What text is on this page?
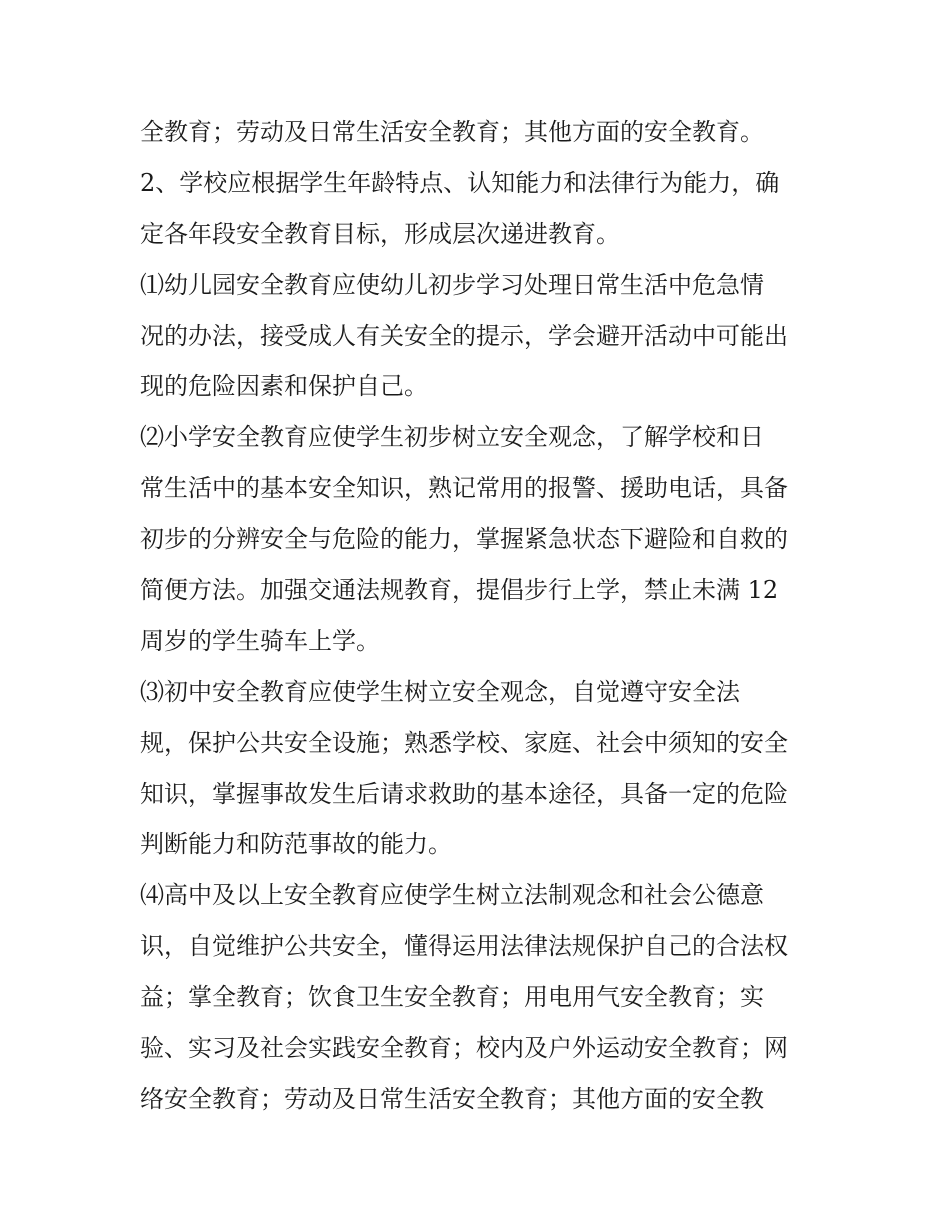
全教育；劳动及日常生活安全教育；其他方面的安全教育。
2、学校应根据学生年龄特点、认知能力和法律行为能力，确
定各年段安全教育目标，形成层次递进教育。
⑴幼儿园安全教育应使幼儿初步学习处理日常生活中危急情
况的办法，接受成人有关安全的提示，学会避开活动中可能出
现的危险因素和保护自己。
⑵小学安全教育应使学生初步树立安全观念，了解学校和日
常生活中的基本安全知识，熟记常用的报警、援助电话，具备
初步的分辨安全与危险的能力，掌握紧急状态下避险和自救的
简便方法。加强交通法规教育，提倡步行上学，禁止未满 12
周岁的学生骑车上学。
⑶初中安全教育应使学生树立安全观念，自觉遵守安全法
规，保护公共安全设施；熟悉学校、家庭、社会中须知的安全
知识，掌握事故发生后请求救助的基本途径，具备一定的危险
判断能力和防范事故的能力。
⑷高中及以上安全教育应使学生树立法制观念和社会公德意
识，自觉维护公共安全，懂得运用法律法规保护自己的合法权
益；掌全教育；饮食卫生安全教育；用电用气安全教育；实
验、实习及社会实践安全教育；校内及户外运动安全教育；网
络安全教育；劳动及日常生活安全教育；其他方面的安全教
